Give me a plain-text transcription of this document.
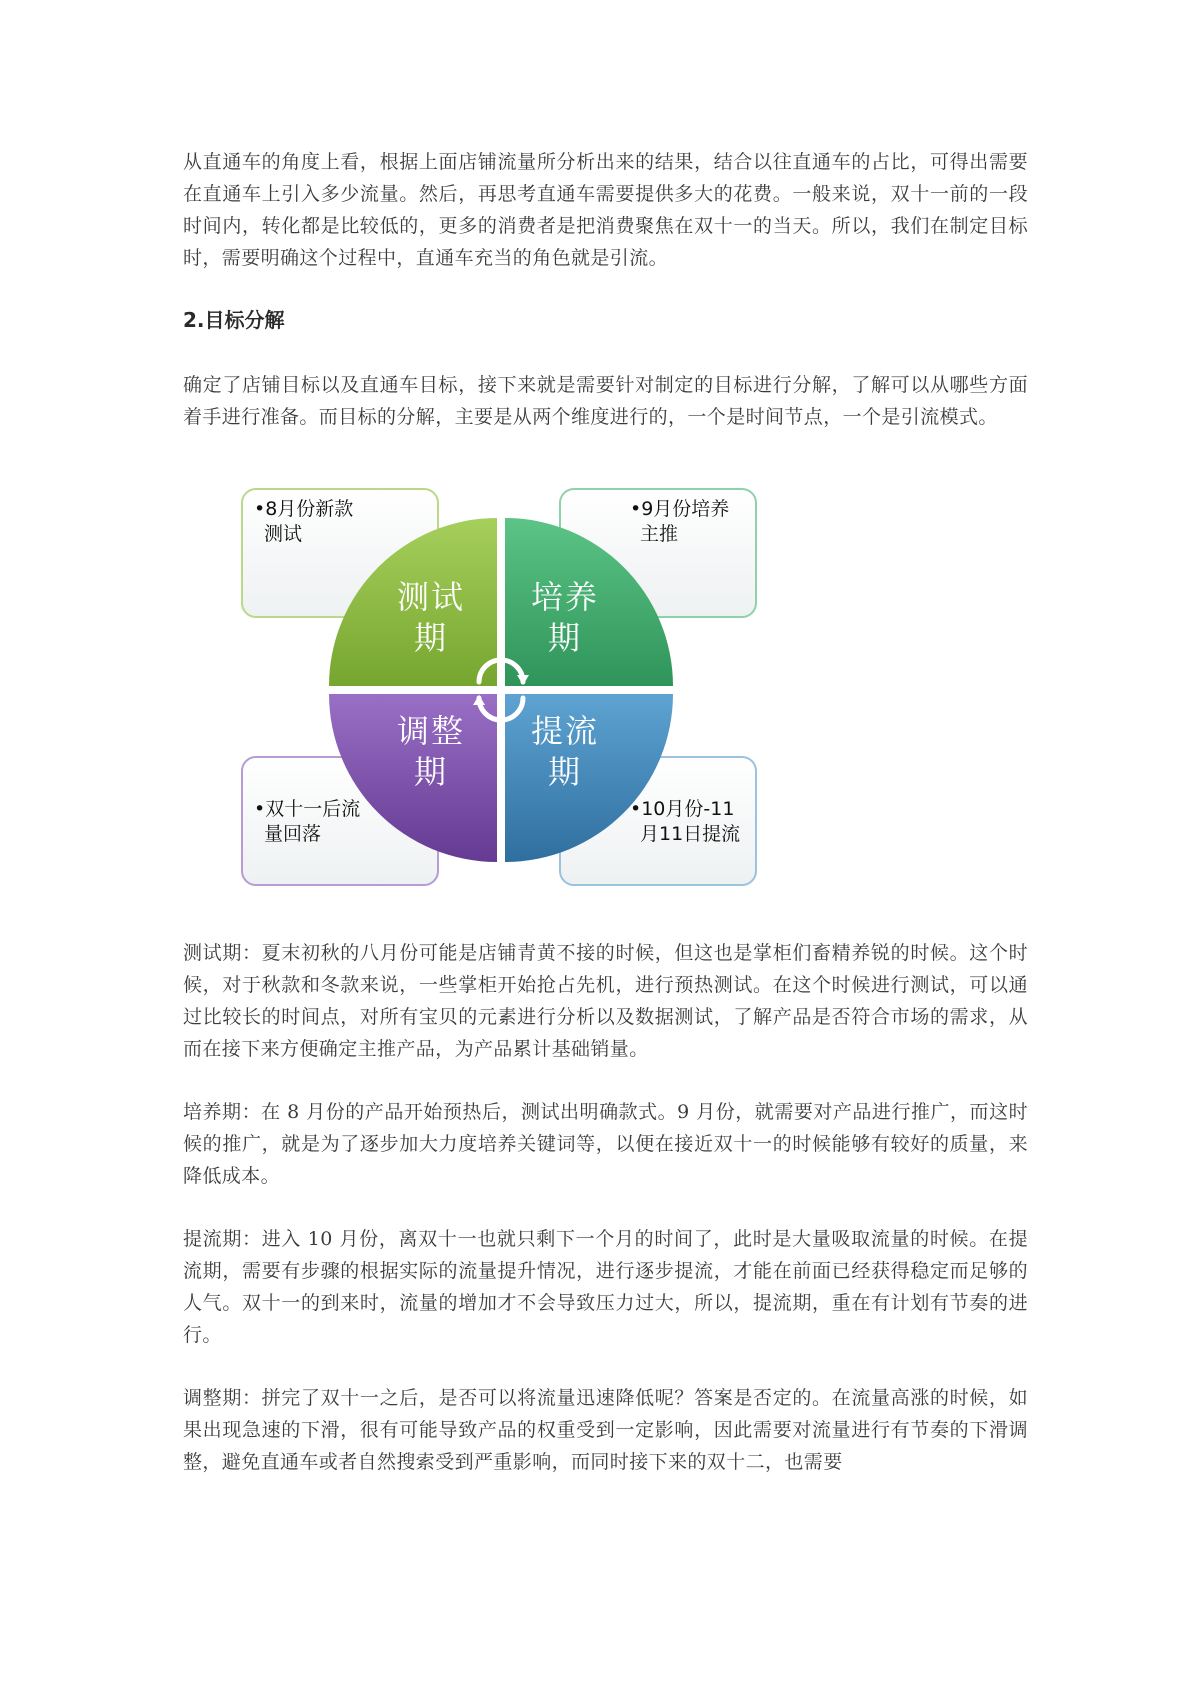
从直通车的角度上看，根据上面店铺流量所分析出来的结果，结合以往直通车的占比，可得出需要在直通车上引入多少流量。然后，再思考直通车需要提供多大的花费。一般来说，双十一前的一段时间内，转化都是比较低的，更多的消费者是把消费聚焦在双十一的当天。所以，我们在制定目标时，需要明确这个过程中，直通车充当的角色就是引流。

2.目标分解

确定了店铺目标以及直通车目标，接下来就是需要针对制定的目标进行分解，了解可以从哪些方面着手进行准备。而目标的分解，主要是从两个维度进行的，一个是时间节点，一个是引流模式。

•8月份新款
测试
•9月份培养
主推
•双十一后流
量回落
•10月份-11
月11日提流
测试
期
培养
期
调整
期
提流
期

测试期：夏末初秋的八月份可能是店铺青黄不接的时候，但这也是掌柜们畜精养锐的时候。这个时候，对于秋款和冬款来说，一些掌柜开始抢占先机，进行预热测试。在这个时候进行测试，可以通过比较长的时间点，对所有宝贝的元素进行分析以及数据测试，了解产品是否符合市场的需求，从而在接下来方便确定主推产品，为产品累计基础销量。

培养期：在 8 月份的产品开始预热后，测试出明确款式。9 月份，就需要对产品进行推广，而这时候的推广，就是为了逐步加大力度培养关键词等，以便在接近双十一的时候能够有较好的质量，来降低成本。

提流期：进入 10 月份，离双十一也就只剩下一个月的时间了，此时是大量吸取流量的时候。在提流期，需要有步骤的根据实际的流量提升情况，进行逐步提流，才能在前面已经获得稳定而足够的人气。双十一的到来时，流量的增加才不会导致压力过大，所以，提流期，重在有计划有节奏的进行。

调整期：拼完了双十一之后，是否可以将流量迅速降低呢？答案是否定的。在流量高涨的时候，如果出现急速的下滑，很有可能导致产品的权重受到一定影响，因此需要对流量进行有节奏的下滑调整，避免直通车或者自然搜索受到严重影响，而同时接下来的双十二，也需要
